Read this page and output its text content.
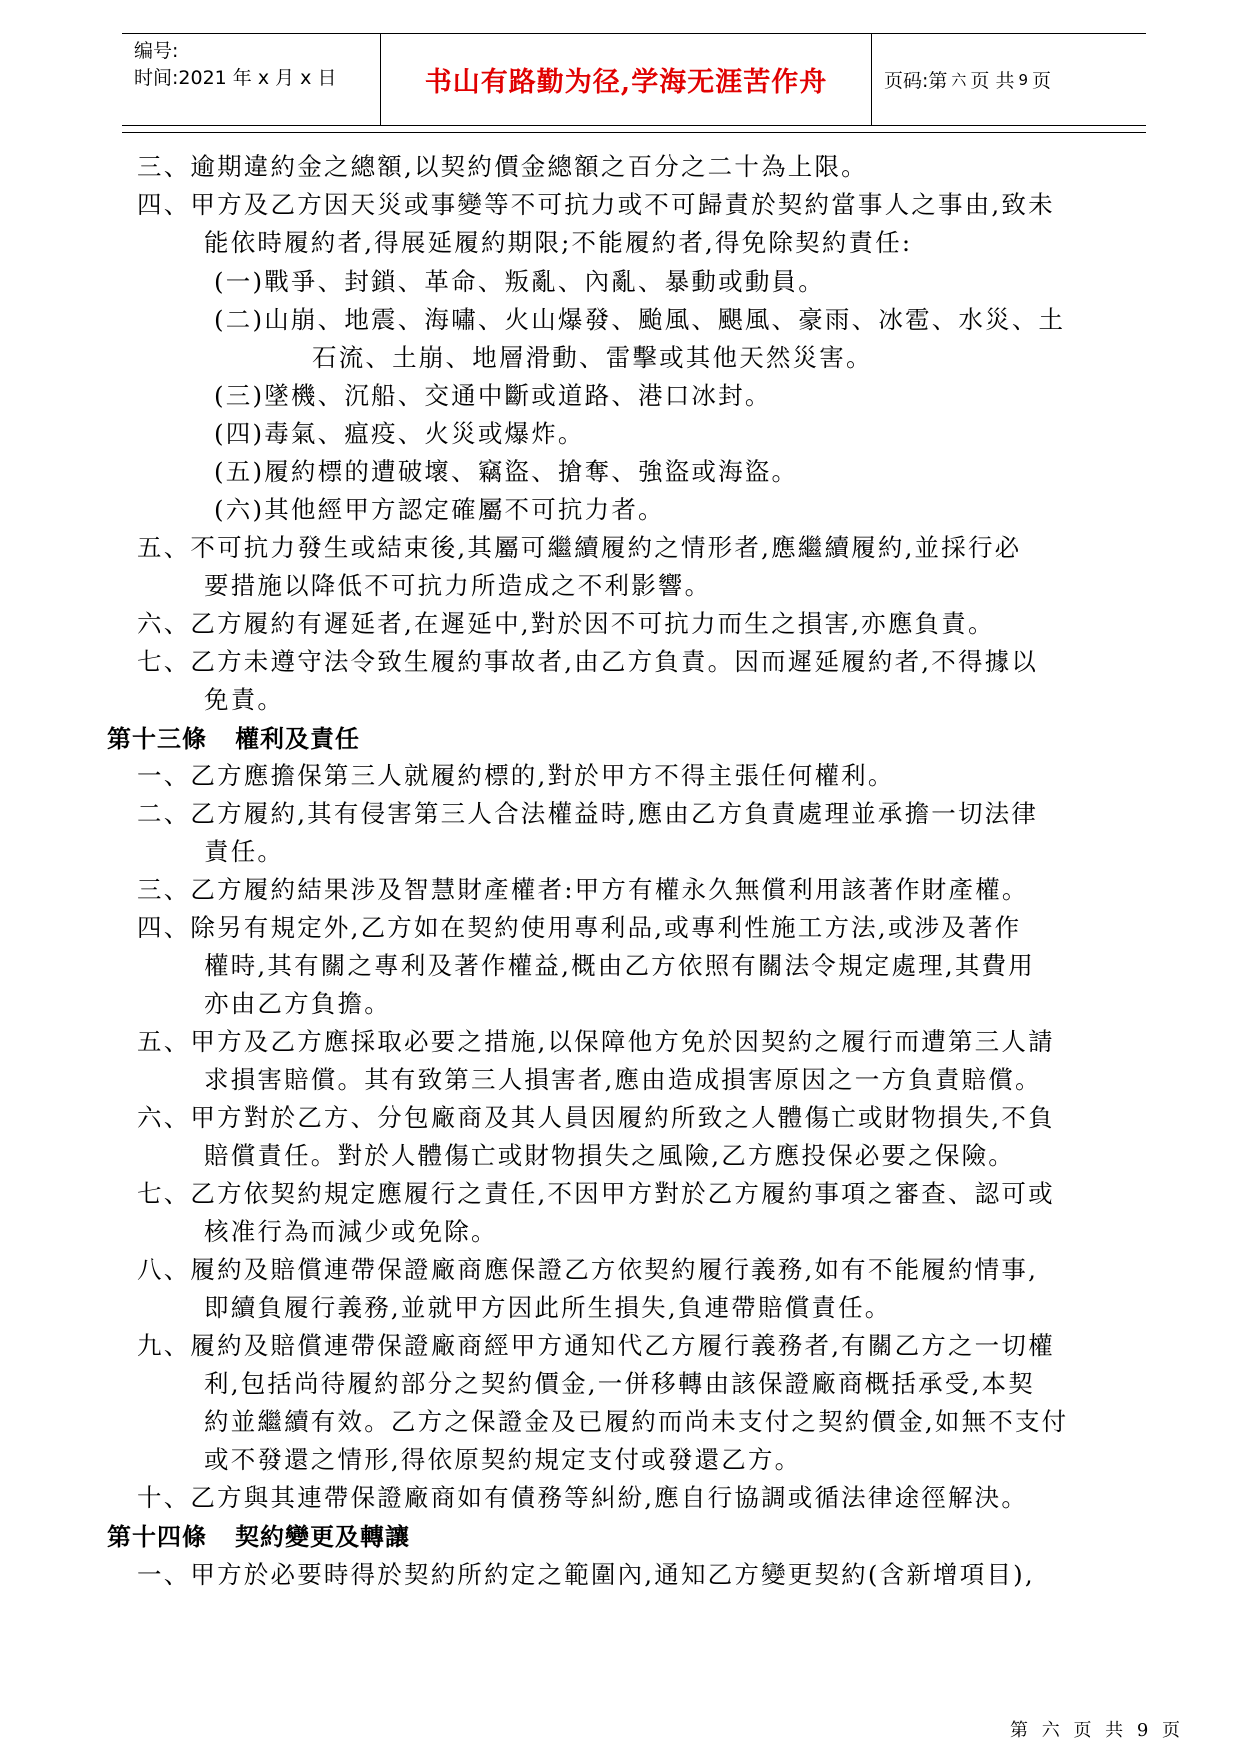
编号:
时间:2021 年 x 月 x 日	书山有路勤为径,学海无涯苦作舟	页码:第 六 页 共 9 页
三、逾期違約金之總額,以契約價金總額之百分之二十為上限。
四、甲方及乙方因天災或事變等不可抗力或不可歸責於契約當事人之事由,致未
能依時履約者,得展延履約期限;不能履約者,得免除契約責任:
(一)戰爭、封鎖、革命、叛亂、內亂、暴動或動員。
(二)山崩、地震、海嘯、火山爆發、颱風、颶風、豪雨、冰雹、水災、土
石流、土崩、地層滑動、雷擊或其他天然災害。
(三)墜機、沉船、交通中斷或道路、港口冰封。
(四)毒氣、瘟疫、火災或爆炸。
(五)履約標的遭破壞、竊盜、搶奪、強盜或海盜。
(六)其他經甲方認定確屬不可抗力者。
五、不可抗力發生或結束後,其屬可繼續履約之情形者,應繼續履約,並採行必
要措施以降低不可抗力所造成之不利影響。
六、乙方履約有遲延者,在遲延中,對於因不可抗力而生之損害,亦應負責。
七、乙方未遵守法令致生履約事故者,由乙方負責。因而遲延履約者,不得據以
免責。
第十三條 權利及責任
一、乙方應擔保第三人就履約標的,對於甲方不得主張任何權利。
二、乙方履約,其有侵害第三人合法權益時,應由乙方負責處理並承擔一切法律
責任。
三、乙方履約結果涉及智慧財產權者:甲方有權永久無償利用該著作財產權。
四、除另有規定外,乙方如在契約使用專利品,或專利性施工方法,或涉及著作
權時,其有關之專利及著作權益,概由乙方依照有關法令規定處理,其費用
亦由乙方負擔。
五、甲方及乙方應採取必要之措施,以保障他方免於因契約之履行而遭第三人請
求損害賠償。其有致第三人損害者,應由造成損害原因之一方負責賠償。
六、甲方對於乙方、分包廠商及其人員因履約所致之人體傷亡或財物損失,不負
賠償責任。對於人體傷亡或財物損失之風險,乙方應投保必要之保險。
七、乙方依契約規定應履行之責任,不因甲方對於乙方履約事項之審查、認可或
核准行為而減少或免除。
八、履約及賠償連帶保證廠商應保證乙方依契約履行義務,如有不能履約情事,
即續負履行義務,並就甲方因此所生損失,負連帶賠償責任。
九、履約及賠償連帶保證廠商經甲方通知代乙方履行義務者,有關乙方之一切權
利,包括尚待履約部分之契約價金,一併移轉由該保證廠商概括承受,本契
約並繼續有效。乙方之保證金及已履約而尚未支付之契約價金,如無不支付
或不發還之情形,得依原契約規定支付或發還乙方。
十、乙方與其連帶保證廠商如有債務等糾紛,應自行協調或循法律途徑解決。
第十四條 契約變更及轉讓
一、甲方於必要時得於契約所約定之範圍內,通知乙方變更契約(含新增項目),
第 六 页 共 9 页
